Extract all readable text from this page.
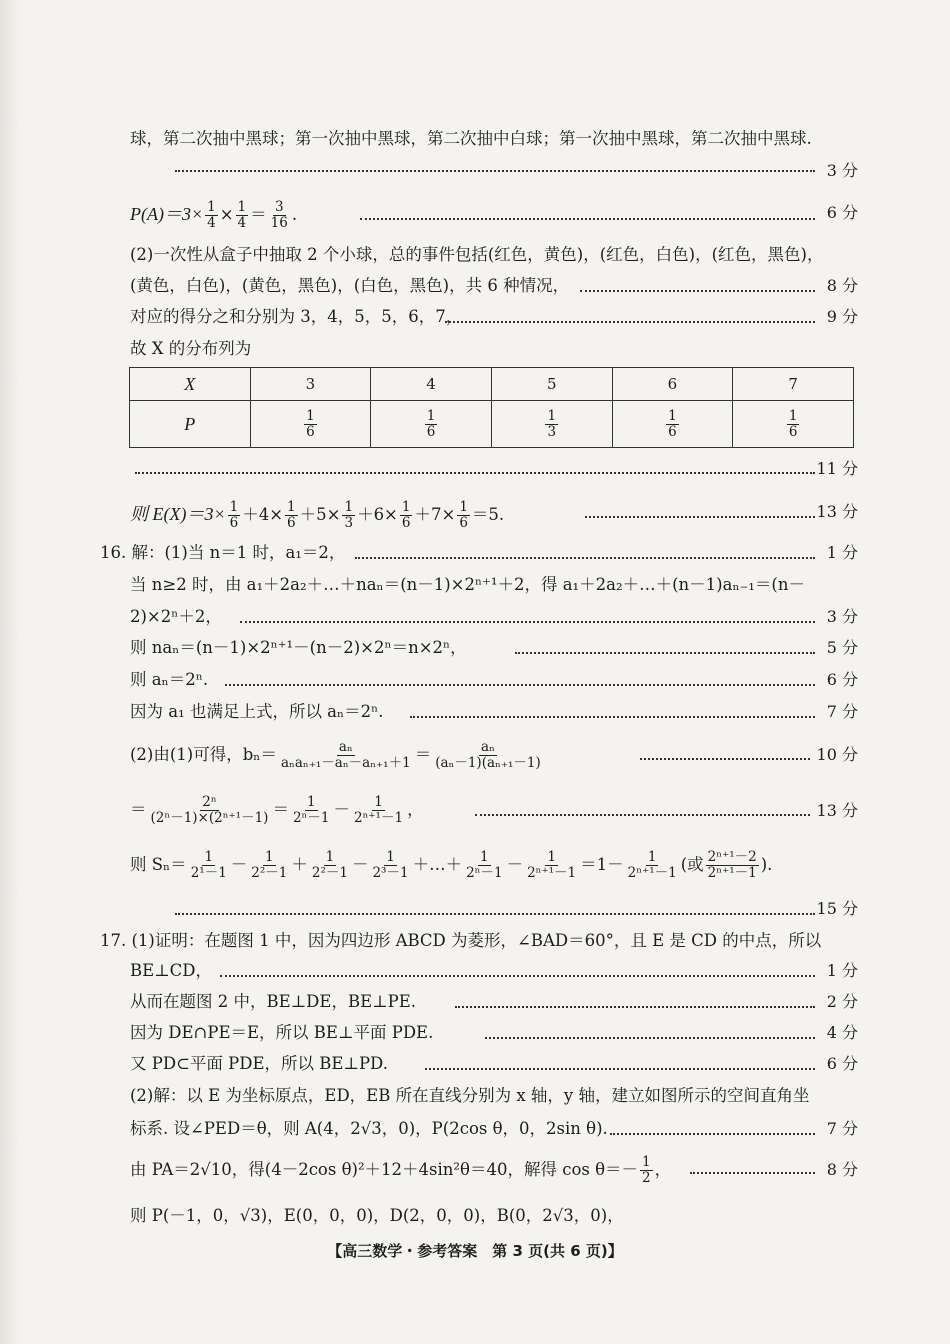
球，第二次抽中黑球；第一次抽中黑球，第二次抽中白球；第一次抽中黑球，第二次抽中黑球.
3 分
$P(A)=3\times \frac{1}{4} \times \frac{1}{4} = \frac{3}{16}$ .	6 分
(2)一次性从盒子中抽取 2 个小球，总的事件包括(红色，黄色)，(红色，白色)，(红色，黑色)，
(黄色，白色)，(黄色，黑色)，(白色，黑色)，共 6 种情况，	8 分
对应的得分之和分别为 3，4，5，5，6，7，	9 分
故 X 的分布列为
X	3	4	5	6	7
P	$\frac{1}{6}$	$\frac{1}{6}$	$\frac{1}{3}$	$\frac{1}{6}$	$\frac{1}{6}$
11 分
则 $E(X)=3\times \frac{1}{6} +4\times \frac{1}{6} +5\times \frac{1}{3} +6\times \frac{1}{6} +7\times \frac{1}{6} =5$.	13 分
16. 解：(1)当 n＝1 时，a₁＝2，	1 分
当 n≥2 时，由 a₁＋2a₂＋…＋naₙ＝(n－1)×2ⁿ⁺¹＋2，得 a₁＋2a₂＋…＋(n－1)aₙ₋₁＝(n－
2)×2ⁿ＋2，	3 分
则 naₙ＝(n－1)×2ⁿ⁺¹－(n－2)×2ⁿ＝n×2ⁿ，	5 分
则 aₙ＝2ⁿ.	6 分
因为 a₁ 也满足上式，所以 aₙ＝2ⁿ.	7 分
(2)由(1)可得，$b_n= \frac{\text{aₙ}}{\text{aₙaₙ₊₁－aₙ－aₙ₊₁＋1}} = \frac{\text{aₙ}}{\text{(aₙ－1)(aₙ₊₁－1)}}$	10 分
＝ $\frac{\text{2ⁿ}}{\text{(2ⁿ－1)×(2ⁿ⁺¹－1)}} = \frac{1}{\text{2ⁿ－1}} - \frac{1}{\text{2ⁿ⁺¹－1}}$ ，	13 分
则 $S_n= \frac{1}{\text{2¹－1}} - \frac{1}{\text{2²－1}} + \frac{1}{\text{2²－1}} - \frac{1}{\text{2³－1}}$ ＋…＋ $\frac{1}{\text{2ⁿ－1}} - \frac{1}{\text{2ⁿ⁺¹－1}} =1- \frac{1}{\text{2ⁿ⁺¹－1}}$ (或 $\frac{\text{2ⁿ⁺¹－2}}{\text{2ⁿ⁺¹－1}}$ ).
15 分
17. (1)证明：在题图 1 中，因为四边形 ABCD 为菱形，∠BAD＝60°，且 E 是 CD 的中点，所以
BE⊥CD，	1 分
从而在题图 2 中，BE⊥DE，BE⊥PE.	2 分
因为 DE∩PE＝E，所以 BE⊥平面 PDE.	4 分
又 PD⊂平面 PDE，所以 BE⊥PD.	6 分
(2)解：以 E 为坐标原点，ED，EB 所在直线分别为 x 轴，y 轴，建立如图所示的空间直角坐
标系. 设∠PED＝θ，则 A(4，2√3，0)，P(2cos θ，0，2sin θ).	7 分
由 PA＝2√10，得(4－2cos θ)²＋12＋4sin²θ＝40，解得 $\cos \theta=- \frac{1}{2}$ ，	8 分
则 P(－1，0，√3)，E(0，0，0)，D(2，0，0)，B(0，2√3，0)，
【高三数学・参考答案　第 3 页(共 6 页)】
